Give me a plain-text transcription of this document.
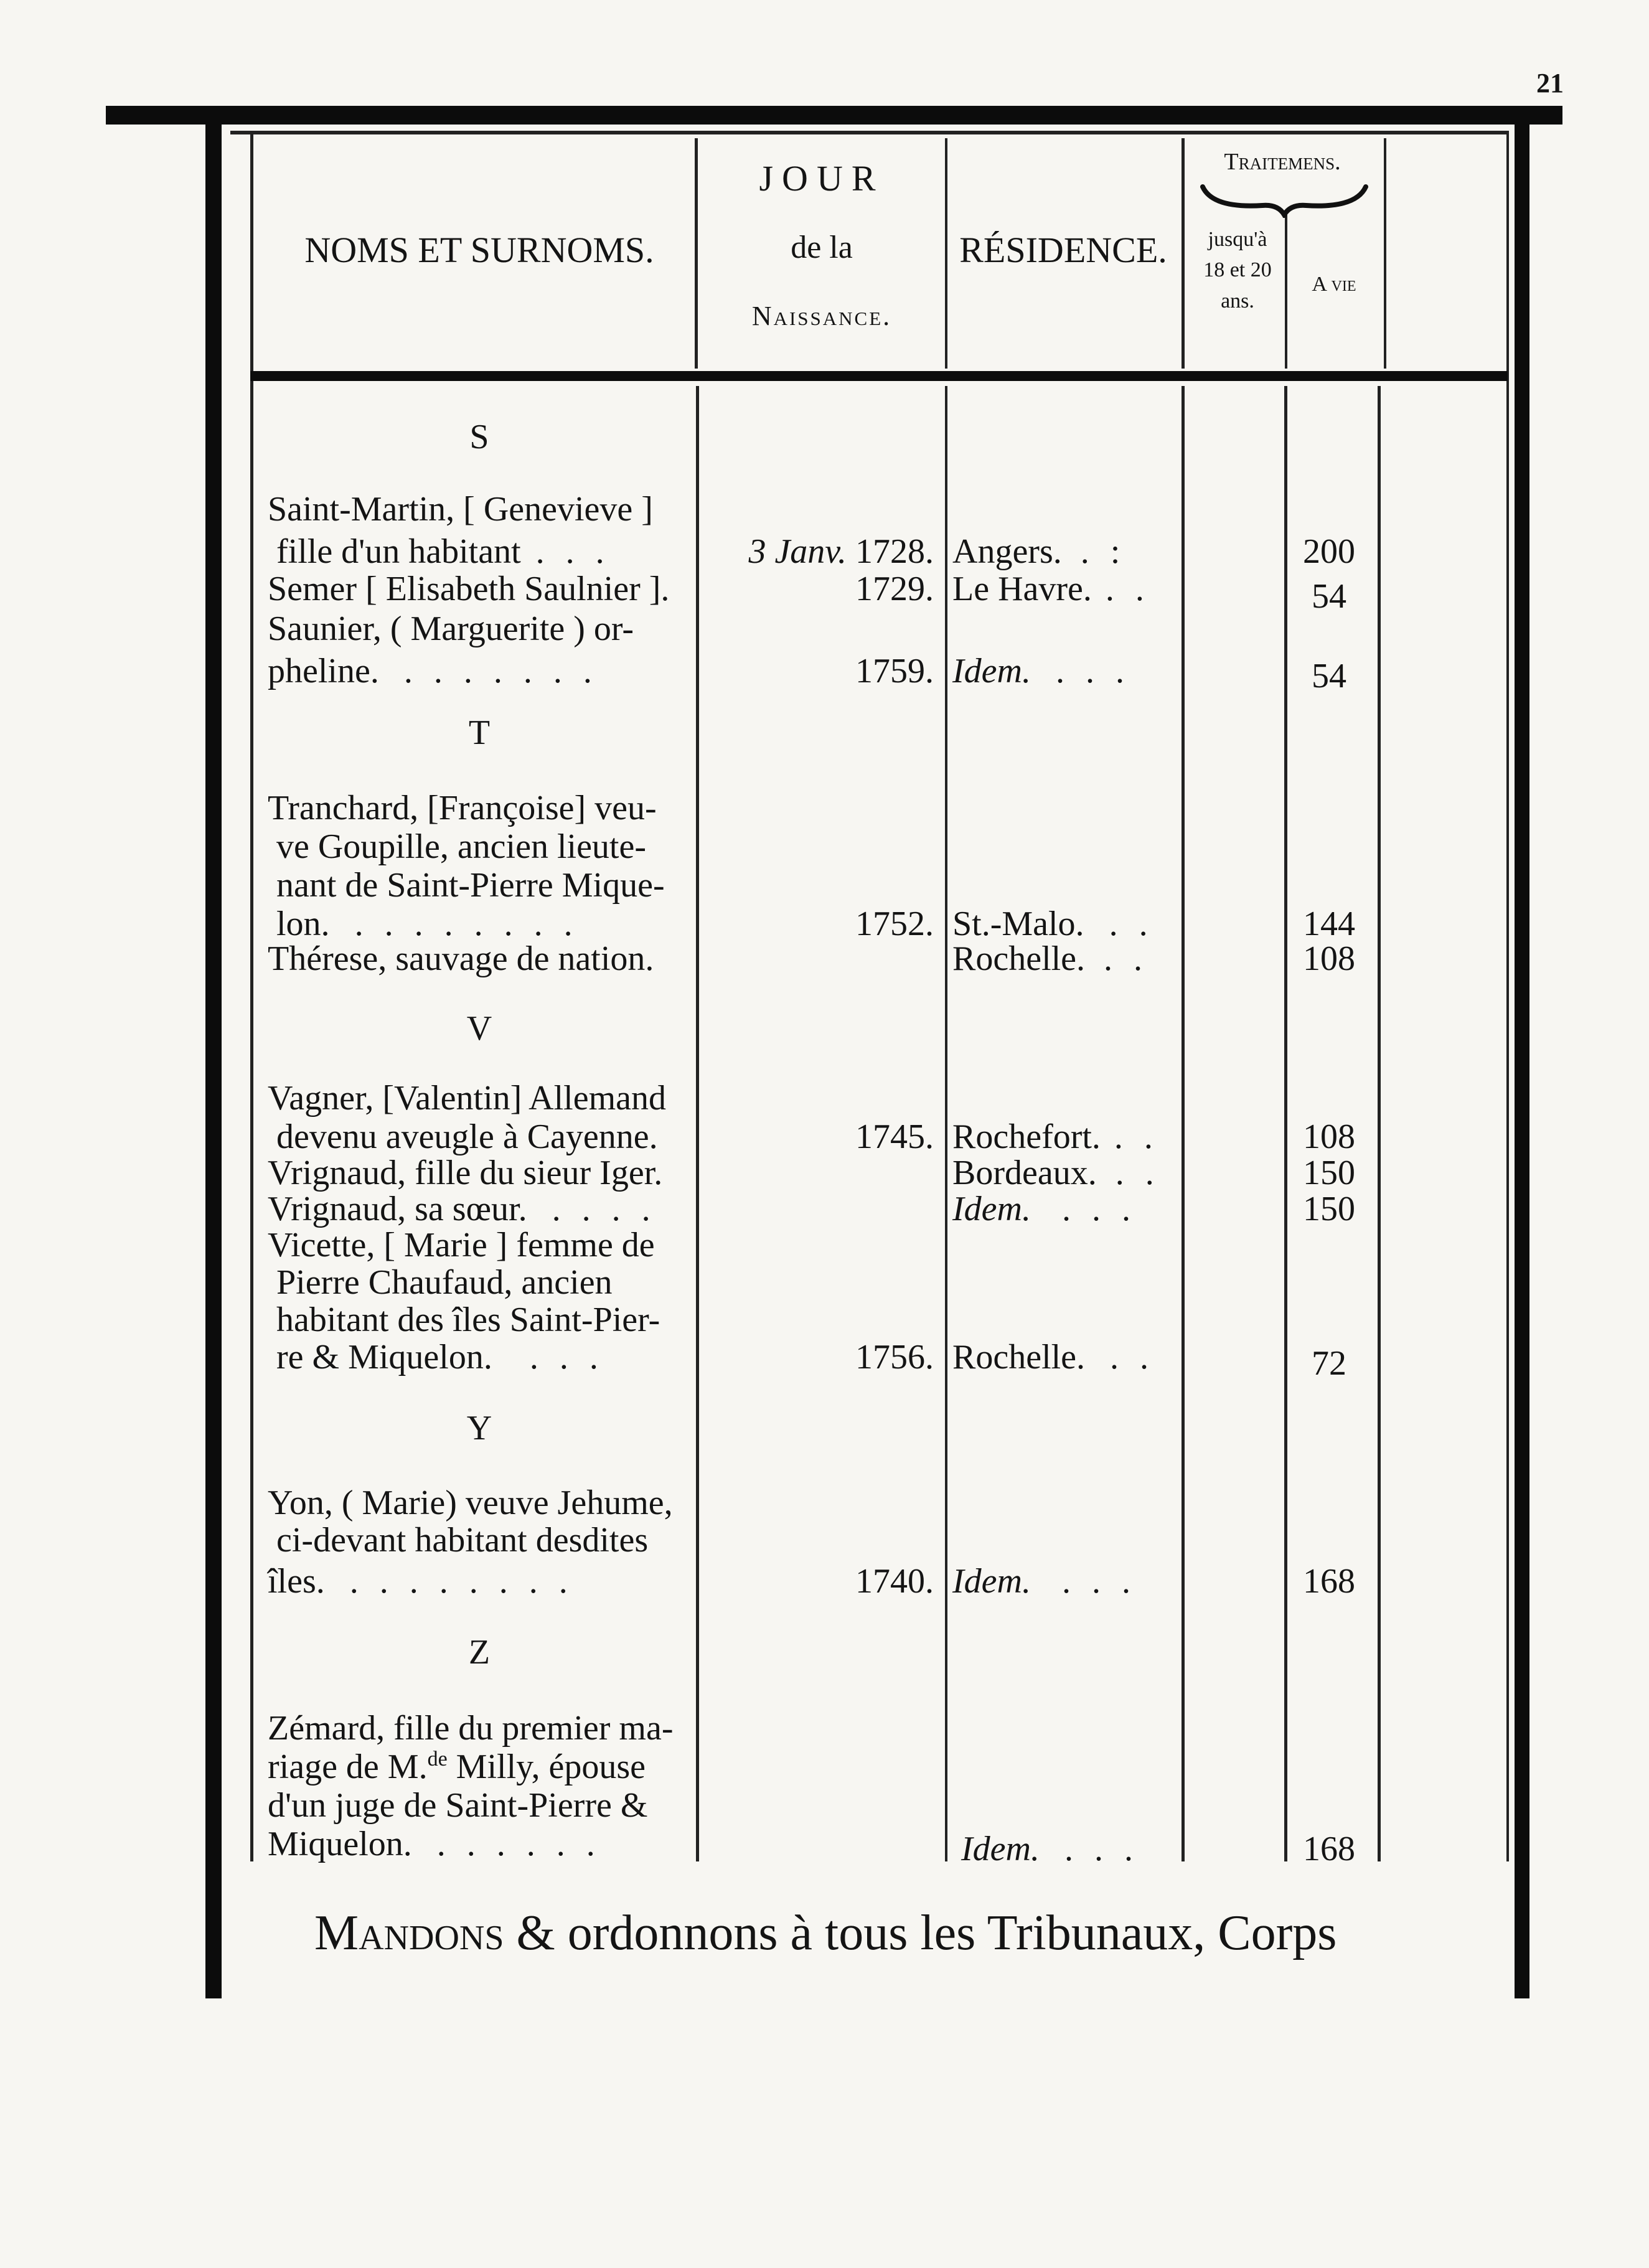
21
NOMS ET SURNOMS.
JOUR
de la
Naissance.
RÉSIDENCE.
Traitemens.
jusqu'à
18 et 20
ans.
A vie
S
Saint-Martin, [ Genevieve ]
fille d'un habitant . . .	3 Janv. 1728. Angers. . :	200
Semer [ Elisabeth Saulnier ].	1729. Le Havre. . .	54
Saunier, ( Marguerite ) or-
pheline. . . . . . . .	1759. Idem. . . .	54
T
Tranchard, [Françoise] veu-
ve Goupille, ancien lieute-
nant de Saint-Pierre Mique-
lon. . . . . . . . .	1752. St.-Malo. . .	144
Thérese, sauvage de nation.	Rochelle. . .	108
V
Vagner, [Valentin] Allemand
devenu aveugle à Cayenne.	1745. Rochefort. . .	108
Vrignaud, fille du sieur Iger.	Bordeaux. . .	150
Vrignaud, sa sœur. . . . .	Idem. . . .	150
Vicette, [ Marie ] femme de
Pierre Chaufaud, ancien
habitant des îles Saint-Pier-
re & Miquelon. . . .	1756. Rochelle. . .	72
Y
Yon, ( Marie) veuve Jehume,
ci-devant habitant desdites
îles. . . . . . . . .	1740. Idem. . . .	168
Z
Zémard, fille du premier ma-
riage de M.$^{de}$ Milly, épouse
d'un juge de Saint-Pierre &
Miquelon. . . . . . .	Idem. . . .	168
Mandons & ordonnons à tous les Tribunaux, Corps
